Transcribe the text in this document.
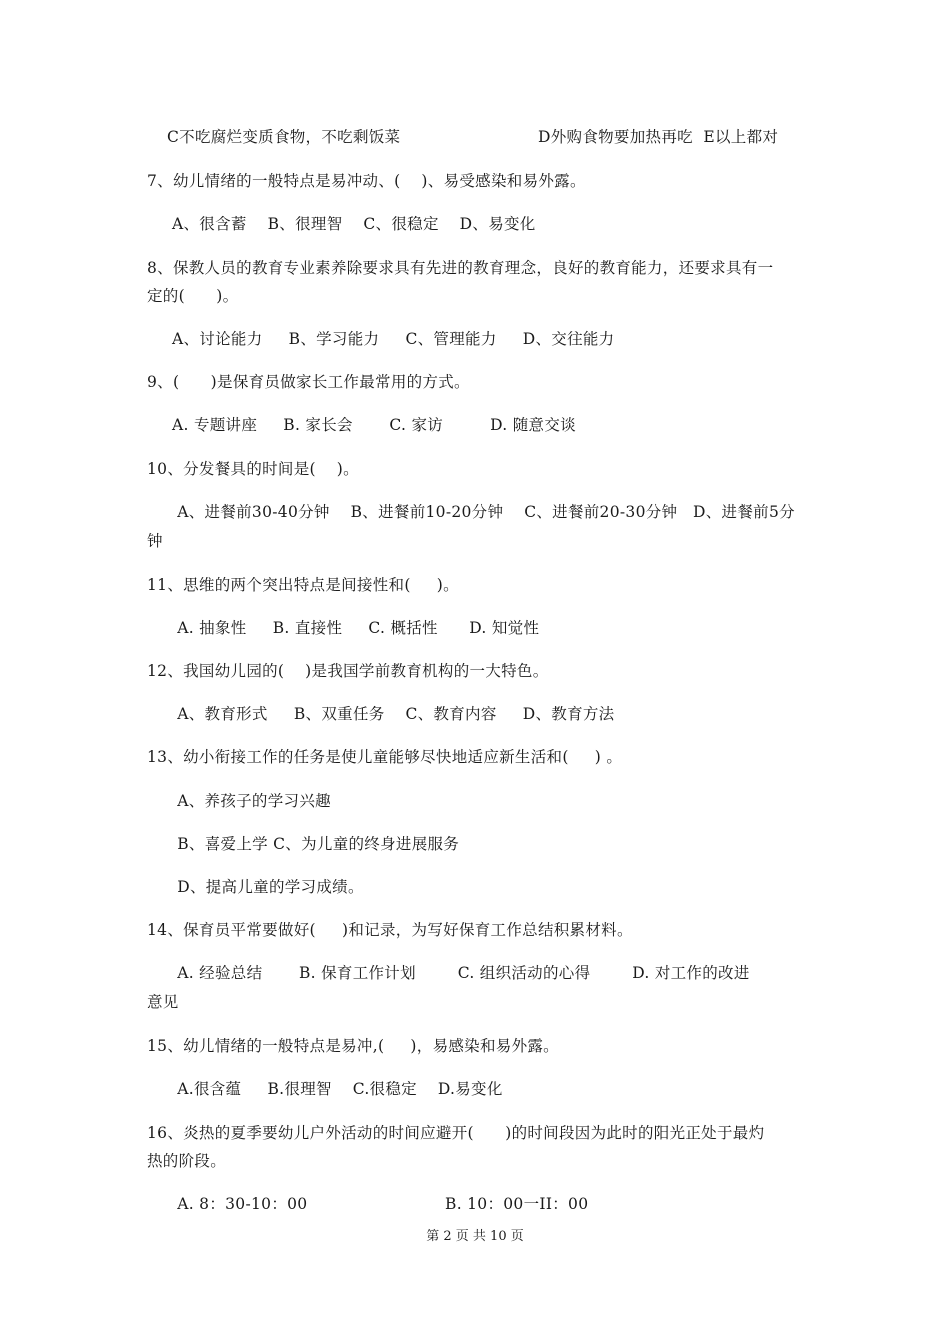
C不吃腐烂变质食物，不吃剩饭菜	D外购食物要加热再吃  E以上都对
7、幼儿情绪的一般特点是易冲动、(    )、易受感染和易外露。
A、很含蓄    B、很理智    C、很稳定    D、易变化
8、保教人员的教育专业素养除要求具有先进的教育理念，良好的教育能力，还要求具有一
定的(      )。
A、讨论能力     B、学习能力     C、管理能力     D、交往能力
9、(      )是保育员做家长工作最常用的方式。
A. 专题讲座     B. 家长会       C. 家访         D. 随意交谈
10、分发餐具的时间是(    )。
A、进餐前30-40分钟    B、进餐前10-20分钟    C、进餐前20-30分钟   D、进餐前5分
钟
11、思维的两个突出特点是间接性和(     )。
A. 抽象性     B. 直接性     C. 概括性      D. 知觉性
12、我国幼儿园的(    )是我国学前教育机构的一大特色。
A、教育形式     B、双重任务    C、教育内容     D、教育方法
13、幼小衔接工作的任务是使儿童能够尽快地适应新生活和(     ) 。
A、养孩子的学习兴趣
B、喜爱上学 C、为儿童的终身进展服务
D、提高儿童的学习成绩。
14、保育员平常要做好(     )和记录，为写好保育工作总结积累材料。
A. 经验总结       B. 保育工作计划        C. 组织活动的心得        D. 对工作的改进
意见
15、幼儿情绪的一般特点是易冲,(     )，易感染和易外露。
A.很含蕴     B.很理智    C.很稳定    D.易变化
16、炎热的夏季要幼儿户外活动的时间应避开(      )的时间段因为此时的阳光正处于最灼
热的阶段。
A. 8：30-10：00	B. 10：00一II：00
第 2 页 共 10 页
